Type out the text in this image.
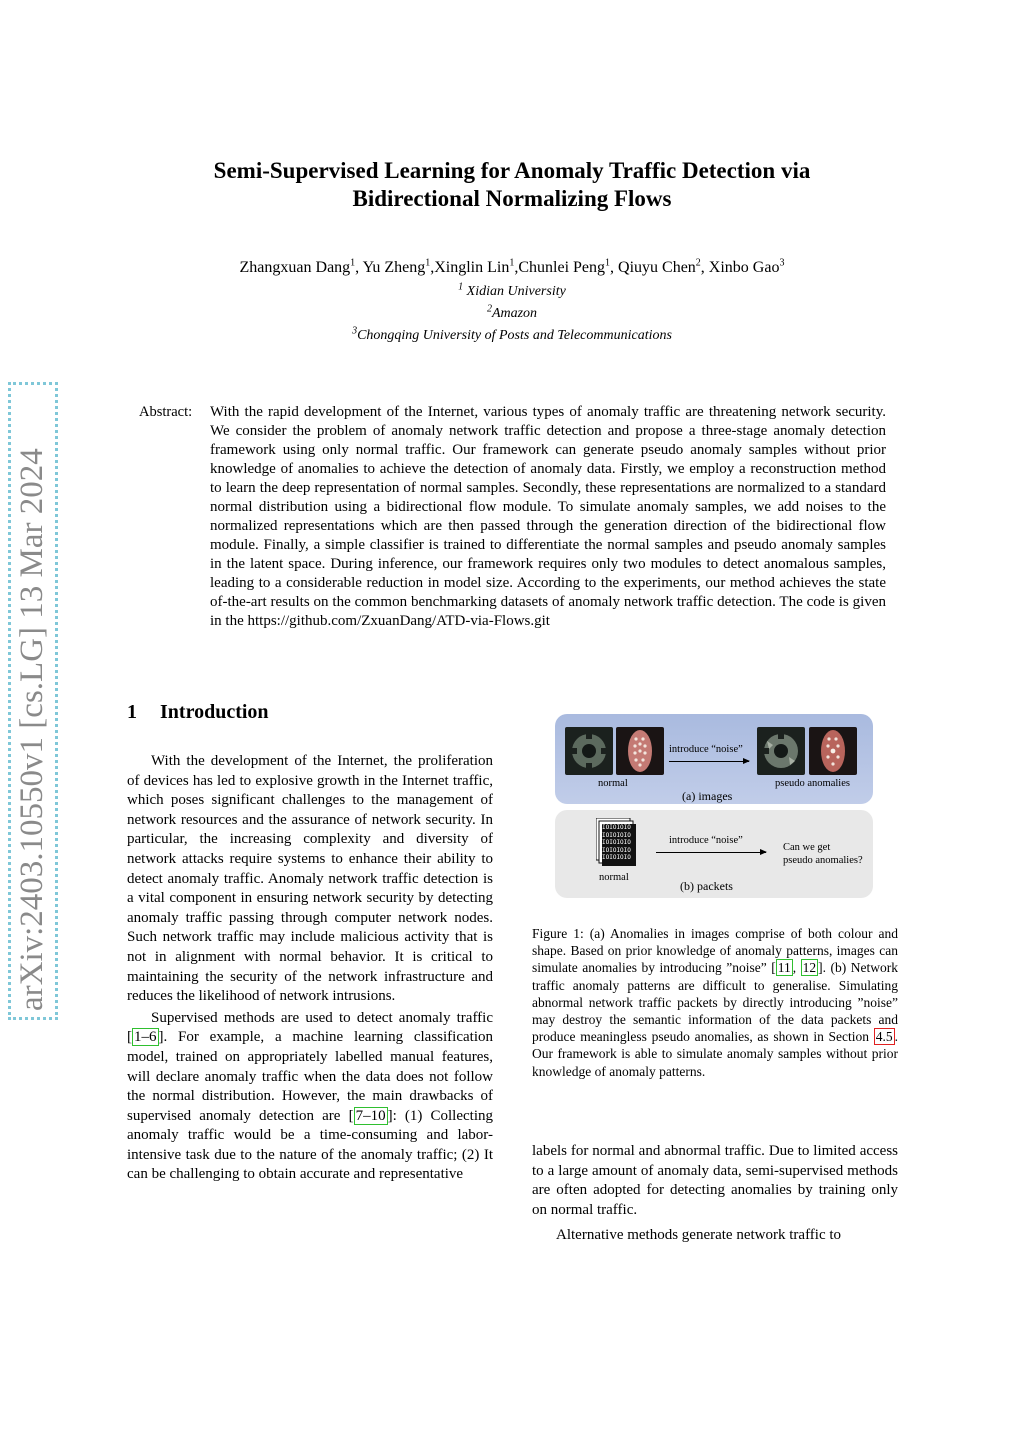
Semi-Supervised Learning for Anomaly Traffic Detection via
Bidirectional Normalizing Flows
Zhangxuan Dang$^1$, Yu Zheng$^1$,Xinglin Lin$^1$,Chunlei Peng$^1$, Qiuyu Chen$^2$, Xinbo Gao$^3$
$^1$ Xidian University
$^2$Amazon
$^3$Chongqing University of Posts and Telecommunications
arXiv:2403.10550v1 [cs.LG] 13 Mar 2024
Abstract: With the rapid development of the Internet, various types of anomaly traffic are threatening network security. We consider the problem of anomaly network traffic detection and propose a three-stage anomaly detection framework using only normal traffic. Our framework can generate pseudo anomaly samples without prior knowledge of anomalies to achieve the detection of anomaly data. Firstly, we employ a reconstruction method to learn the deep representation of normal samples. Secondly, these representations are normalized to a standard normal distribution using a bidirectional flow module. To simulate anomaly samples, we add noises to the normalized representations which are then passed through the generation direction of the bidirectional flow module. Finally, a simple classifier is trained to differentiate the normal samples and pseudo anomaly samples in the latent space. During inference, our framework requires only two modules to detect anomalous samples, leading to a considerable reduction in model size. According to the experiments, our method achieves the state of-the-art results on the common benchmarking datasets of anomaly network traffic detection. The code is given in the https://github.com/ZxuanDang/ATD-via-Flows.git
1 Introduction

With the development of the Internet, the proliferation of devices has led to explosive growth in the Internet traffic, which poses significant challenges to the management of network resources and the assurance of network security. In particular, the increasing complexity and diversity of network attacks require systems to enhance their ability to detect anomaly traffic. Anomaly network traffic detection is a vital component in ensuring network security by detecting anomaly traffic passing through computer network nodes. Such network traffic may include malicious activity that is not in alignment with normal behavior. It is critical to maintaining the security of the network infrastructure and reduces the likelihood of network intrusions.

Supervised methods are used to detect anomaly traffic [ 1–6 ]. For example, a machine learning classification model, trained on appropriately labelled manual features, will declare anomaly traffic when the data does not follow the normal distribution. However, the main drawbacks of supervised anomaly detection are [ 7–10 ]: (1) Collecting anomaly traffic would be a time-consuming and labor-intensive task due to the nature of the anomaly traffic; (2) It can be challenging to obtain accurate and representative

introduce “noise”
normal	pseudo anomalies
(a) images
IOIOIOIO
IOIOIOIO
IOIOIOIO
IOIOIOIO
IOIOIOIO
normal
introduce “noise”
Can we get
pseudo anomalies?
(b) packets
Figure 1: (a) Anomalies in images comprise of both colour and shape. Based on prior knowledge of anomaly patterns, images can simulate anomalies by introducing ”noise” [ 11 , 12 ]. (b) Network traffic anomaly patterns are difficult to generalise. Simulating abnormal network traffic packets by directly introducing ”noise” may destroy the semantic information of the data packets and produce meaningless pseudo anomalies, as shown in Section 4.5 . Our framework is able to simulate anomaly samples without prior knowledge of anomaly patterns.

labels for normal and abnormal traffic. Due to limited access to a large amount of anomaly data, semi-supervised methods are often adopted for detecting anomalies by training only on normal traffic.

Alternative methods generate network traffic to
